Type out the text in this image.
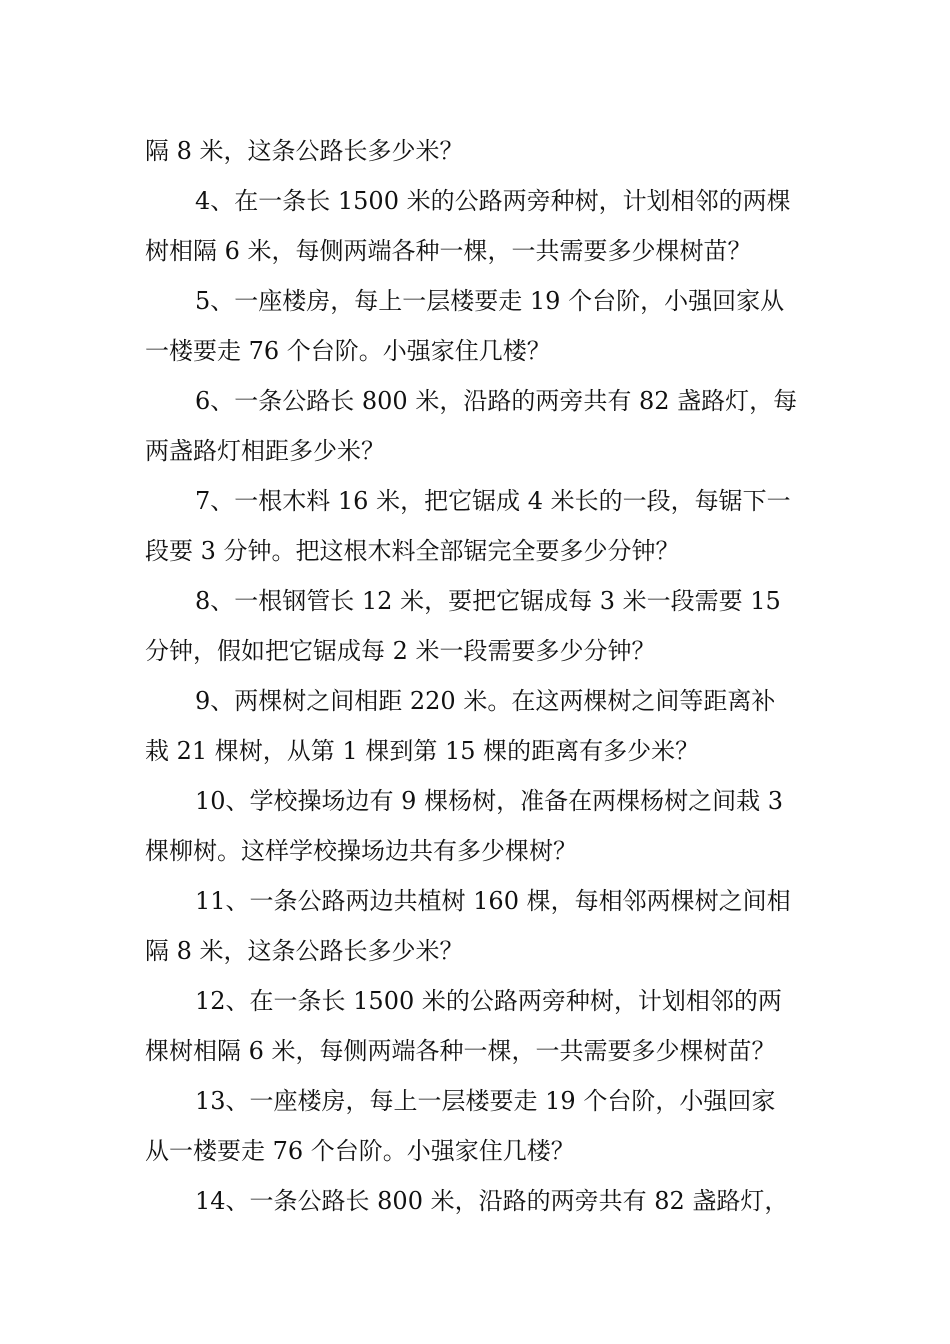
隔 8 米，这条公路长多少米？
4、在一条长 1500 米的公路两旁种树，计划相邻的两棵
树相隔 6 米，每侧两端各种一棵，一共需要多少棵树苗？
5、一座楼房，每上一层楼要走 19 个台阶，小强回家从
一楼要走 76 个台阶。小强家住几楼？
6、一条公路长 800 米，沿路的两旁共有 82 盏路灯，每
两盏路灯相距多少米？
7、一根木料 16 米，把它锯成 4 米长的一段，每锯下一
段要 3 分钟。把这根木料全部锯完全要多少分钟？
8、一根钢管长 12 米，要把它锯成每 3 米一段需要 15
分钟，假如把它锯成每 2 米一段需要多少分钟？
9、两棵树之间相距 220 米。在这两棵树之间等距离补
栽 21 棵树，从第 1 棵到第 15 棵的距离有多少米？
10、学校操场边有 9 棵杨树，准备在两棵杨树之间栽 3
棵柳树。这样学校操场边共有多少棵树？
11、一条公路两边共植树 160 棵，每相邻两棵树之间相
隔 8 米，这条公路长多少米？
12、在一条长 1500 米的公路两旁种树，计划相邻的两
棵树相隔 6 米，每侧两端各种一棵，一共需要多少棵树苗？
13、一座楼房，每上一层楼要走 19 个台阶，小强回家
从一楼要走 76 个台阶。小强家住几楼？
14、一条公路长 800 米，沿路的两旁共有 82 盏路灯，
